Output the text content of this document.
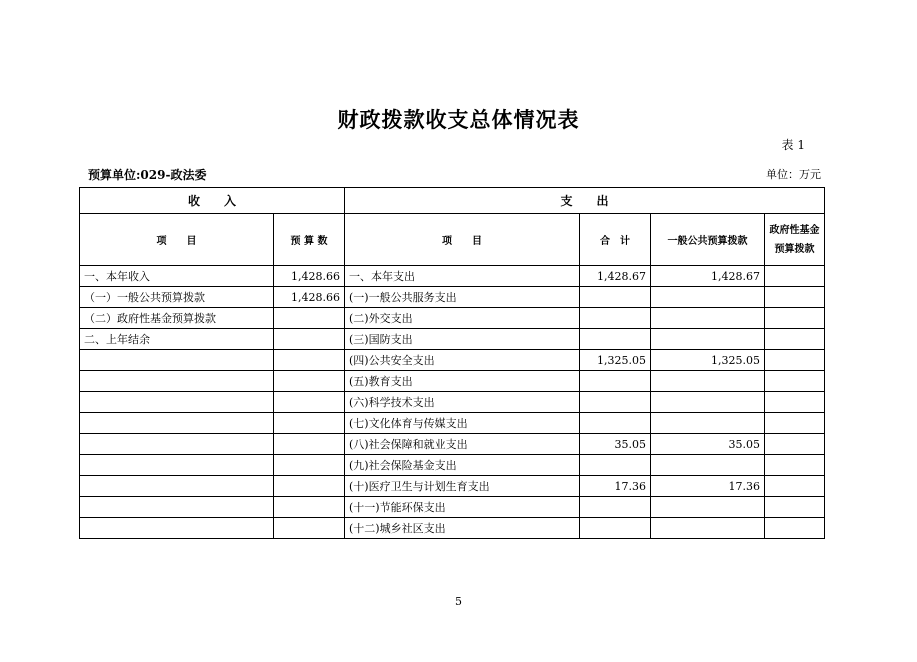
财政拨款收支总体情况表
表 1
预算单位:029-政法委	单位：万元
收　　入		支　　出			
项　　目	预 算 数	项　　目	合　计	一般公共预算拨款	政府性基金预算拨款
一、本年收入	1,428.66	一、本年支出	1,428.67	1,428.67	
（一）一般公共预算拨款	1,428.66	(一)一般公共服务支出			
（二）政府性基金预算拨款		(二)外交支出			
二、上年结余		(三)国防支出			
		(四)公共安全支出	1,325.05	1,325.05	
		(五)教育支出			
		(六)科学技术支出			
		(七)文化体育与传媒支出			
		(八)社会保障和就业支出	35.05	35.05	
		(九)社会保险基金支出			
		(十)医疗卫生与计划生育支出	17.36	17.36	
		(十一)节能环保支出			
		(十二)城乡社区支出			
5
